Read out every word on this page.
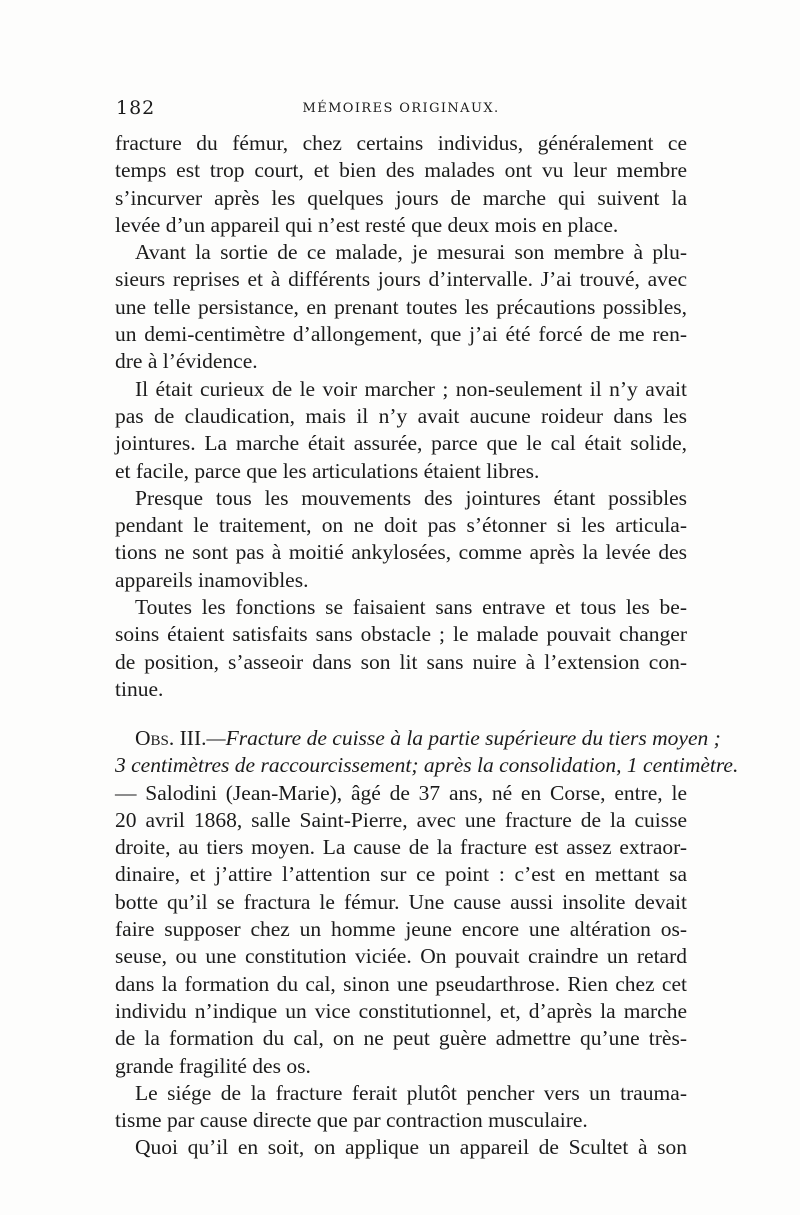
182	MÉMOIRES ORIGINAUX.

fracture du fémur, chez certains individus, généralement ce
temps est trop court, et bien des malades ont vu leur membre
s’incurver après les quelques jours de marche qui suivent la
levée d’un appareil qui n’est resté que deux mois en place.

Avant la sortie de ce malade, je mesurai son membre à plu-
sieurs reprises et à différents jours d’intervalle. J’ai trouvé, avec
une telle persistance, en prenant toutes les précautions possibles,
un demi-centimètre d’allongement, que j’ai été forcé de me ren-
dre à l’évidence.

Il était curieux de le voir marcher ; non-seulement il n’y avait
pas de claudication, mais il n’y avait aucune roideur dans les
jointures. La marche était assurée, parce que le cal était solide,
et facile, parce que les articulations étaient libres.

Presque tous les mouvements des jointures étant possibles
pendant le traitement, on ne doit pas s’étonner si les articula-
tions ne sont pas à moitié ankylosées, comme après la levée des
appareils inamovibles.

Toutes les fonctions se faisaient sans entrave et tous les be-
soins étaient satisfaits sans obstacle ; le malade pouvait changer
de position, s’asseoir dans son lit sans nuire à l’extension con-
tinue.

Obs. III.—Fracture de cuisse à la partie supérieure du tiers moyen ;
3 centimètres de raccourcissement; après la consolidation, 1 centimètre.

— Salodini (Jean-Marie), âgé de 37 ans, né en Corse, entre, le
20 avril 1868, salle Saint-Pierre, avec une fracture de la cuisse
droite, au tiers moyen. La cause de la fracture est assez extraor-
dinaire, et j’attire l’attention sur ce point : c’est en mettant sa
botte qu’il se fractura le fémur. Une cause aussi insolite devait
faire supposer chez un homme jeune encore une altération os-
seuse, ou une constitution viciée. On pouvait craindre un retard
dans la formation du cal, sinon une pseudarthrose. Rien chez cet
individu n’indique un vice constitutionnel, et, d’après la marche
de la formation du cal, on ne peut guère admettre qu’une très-
grande fragilité des os.

Le siége de la fracture ferait plutôt pencher vers un trauma-
tisme par cause directe que par contraction musculaire.

Quoi qu’il en soit, on applique un appareil de Scultet à son
